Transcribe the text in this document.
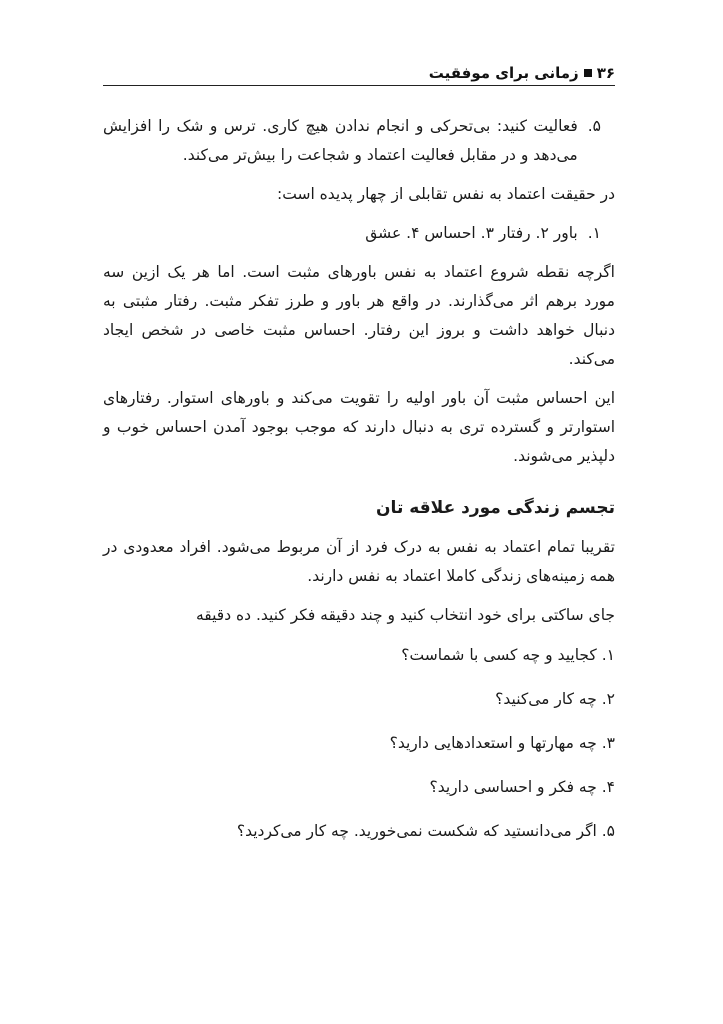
۳۶
زمانی برای موفقیت
۵.
فعالیت کنید: بی‌تحرکی و انجام ندادن هیچ کاری. ترس و شک را افزایش می‌دهد و در مقابل فعالیت اعتماد و شجاعت را بیش‌تر می‌کند.

در حقیقت اعتماد به نفس تقابلی از چهار پدیده است:

۱.
باور ۲. رفتار ۳. احساس ۴. عشق

اگرچه نقطه شروع اعتماد به نفس باورهای مثبت است. اما هر یک ازین سه مورد برهم اثر می‌گذارند. در واقع هر باور و طرز تفکر مثبت. رفتار مثبتی به دنبال خواهد داشت و بروز این رفتار. احساس مثبت خاصی در شخص ایجاد می‌کند.

این احساس مثبت آن باور اولیه را تقویت می‌کند و باورهای استوار. رفتارهای استوارتر و گسترده تری به دنبال دارند که موجب بوجود آمدن احساس خوب و دلپذیر می‌شوند.

تجسم زندگی مورد علاقه تان

تقریبا تمام اعتماد به نفس به درک فرد از آن مربوط می‌شود. افراد معدودی در همه زمینه‌های زندگی کاملا اعتماد به نفس دارند.

جای ساکتی برای خود انتخاب کنید و چند دقیقه فکر کنید. ده دقیقه

۱. کجایید و چه کسی با شماست؟
۲. چه کار می‌کنید؟
۳. چه مهارتها و استعدادهایی دارید؟
۴. چه فکر و احساسی دارید؟
۵. اگر می‌دانستید که شکست نمی‌خورید. چه کار می‌کردید؟
